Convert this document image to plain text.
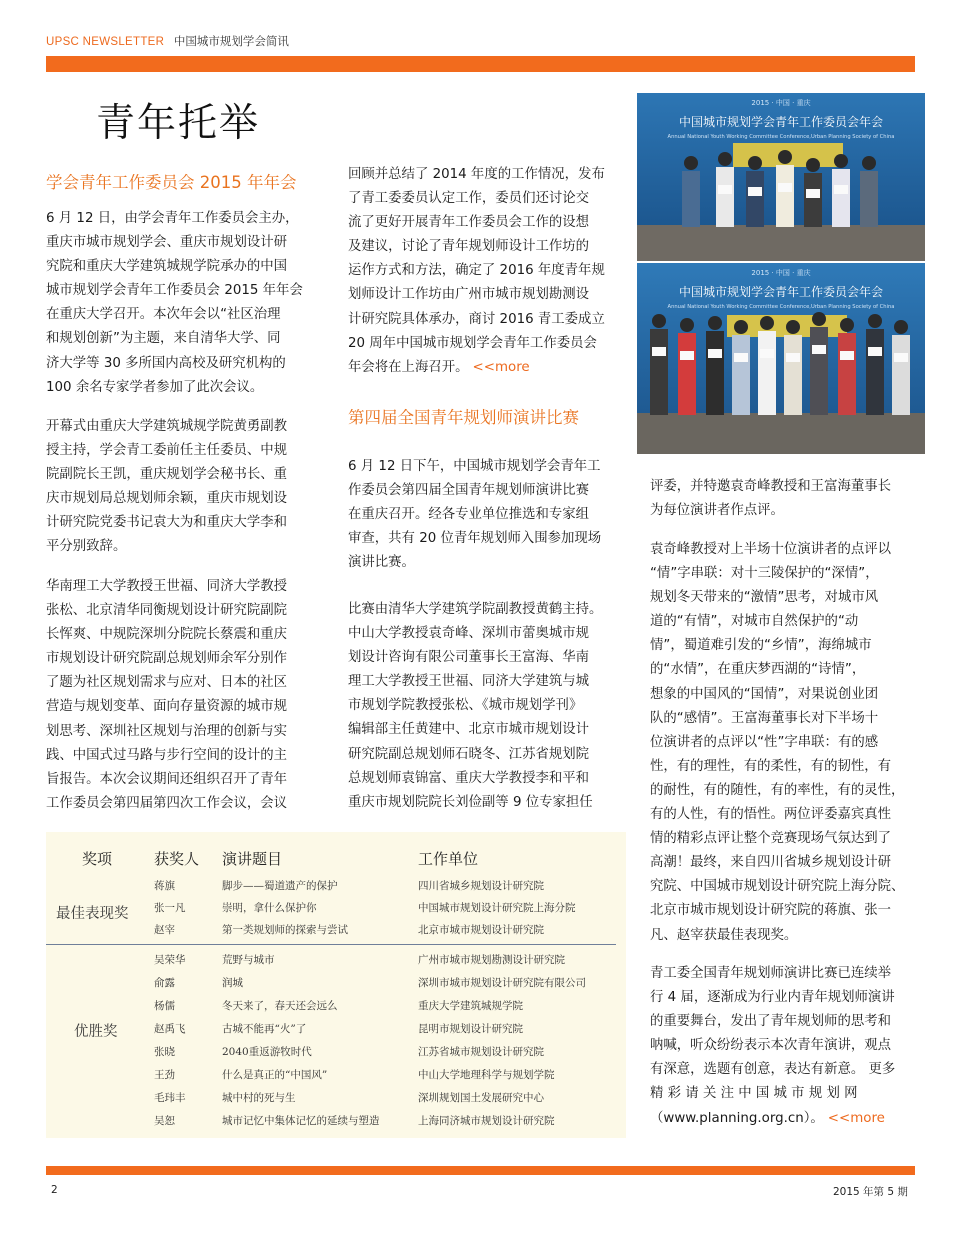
UPSC NEWSLETTER 中国城市规划学会简讯
青年托举
学会青年工作委员会 2015 年年会
6 月 12 日，由学会青年工作委员会主办，
重庆市城市规划学会、重庆市规划设计研
究院和重庆大学建筑城规学院承办的中国
城市规划学会青年工作委员会 2015 年年会
在重庆大学召开。本次年会以“社区治理
和规划创新”为主题，来自清华大学、同
济大学等 30 多所国内高校及研究机构的
100 余名专家学者参加了此次会议。
开幕式由重庆大学建筑城规学院黄勇副教
授主持，学会青工委前任主任委员、中规
院副院长王凯，重庆规划学会秘书长、重
庆市规划局总规划师余颖，重庆市规划设
计研究院党委书记袁大为和重庆大学李和
平分别致辞。
华南理工大学教授王世福、同济大学教授
张松、北京清华同衡规划设计研究院副院
长恽爽、中规院深圳分院院长蔡震和重庆
市规划设计研究院副总规划师余军分别作
了题为社区规划需求与应对、日本的社区
营造与规划变革、面向存量资源的城市规
划思考、深圳社区规划与治理的创新与实
践、中国式过马路与步行空间的设计的主
旨报告。本次会议期间还组织召开了青年
工作委员会第四届第四次工作会议，会议
回顾并总结了 2014 年度的工作情况，发布
了青工委委员认定工作，委员们还讨论交
流了更好开展青年工作委员会工作的设想
及建议，讨论了青年规划师设计工作坊的
运作方式和方法，确定了 2016 年度青年规
划师设计工作坊由广州市城市规划勘测设
计研究院具体承办，商讨 2016 青工委成立
20 周年中国城市规划学会青年工作委员会
年会将在上海召开。 <<more
第四届全国青年规划师演讲比赛
6 月 12 日下午，中国城市规划学会青年工
作委员会第四届全国青年规划师演讲比赛
在重庆召开。经各专业单位推选和专家组
审查，共有 20 位青年规划师入围参加现场
演讲比赛。
比赛由清华大学建筑学院副教授黄鹤主持。
中山大学教授袁奇峰、深圳市蕾奥城市规
划设计咨询有限公司董事长王富海、华南
理工大学教授王世福、同济大学建筑与城
市规划学院教授张松、《城市规划学刊》
编辑部主任黄建中、北京市城市规划设计
研究院副总规划师石晓冬、江苏省规划院
总规划师袁锦富、重庆大学教授李和平和
重庆市规划院院长刘俭副等 9 位专家担任
评委，并特邀袁奇峰教授和王富海董事长
为每位演讲者作点评。
袁奇峰教授对上半场十位演讲者的点评以
“情”字串联：对十三陵保护的“深情”，
规划冬天带来的“激情”思考，对城市风
道的“有情”，对城市自然保护的“动
情”，蜀道难引发的“乡情”，海绵城市
的“水情”，在重庆梦西湖的“诗情”，
想象的中国风的“国情”，对果说创业团
队的“感情”。王富海董事长对下半场十
位演讲者的点评以“性”字串联：有的感
性，有的理性，有的柔性，有的韧性，有
的耐性，有的随性，有的率性，有的灵性，
有的人性，有的悟性。两位评委嘉宾真性
情的精彩点评让整个竞赛现场气氛达到了
高潮！最终，来自四川省城乡规划设计研
究院、中国城市规划设计研究院上海分院、
北京市城市规划设计研究院的蒋旗、张一
凡、赵宰获最佳表现奖。
青工委全国青年规划师演讲比赛已连续举
行 4 届，逐渐成为行业内青年规划师演讲
的重要舞台，发出了青年规划师的思考和
呐喊，听众纷纷表示本次青年演讲，观点
有深意，选题有创意，表达有新意。 更多
精 彩 请 关 注 中 国 城 市 规 划 网
（www.planning.org.cn）。 <<more
2015 · 中国 · 重庆
中国城市规划学会青年工作委员会年会
Annual National Youth Working Committee Conference,Urban Planning Society of China
2015 · 中国 · 重庆
中国城市规划学会青年工作委员会年会
Annual National Youth Working Committee Conference,Urban Planning Society of China
奖项	获奖人 演讲题目	工作单位
最佳表现奖
优胜奖
蒋旗	脚步——蜀道遗产的保护	四川省城乡规划设计研究院
张一凡	崇明，拿什么保护你	中国城市规划设计研究院上海分院
赵宰	第一类规划师的探索与尝试	北京市城市规划设计研究院
吴荣华	荒野与城市	广州市城市规划勘测设计研究院
俞露	润城	深圳市城市规划设计研究院有限公司
杨儒	冬天来了，春天还会远么	重庆大学建筑城规学院
赵禹飞	古城不能再“火”了	昆明市规划设计研究院
张晓	2040重返游牧时代	江苏省城市规划设计研究院
王劲	什么是真正的“中国风”	中山大学地理科学与规划学院
毛玮丰	城中村的死与生	深圳规划国土发展研究中心
吴恕	城市记忆中集体记忆的延续与塑造	上海同济城市规划设计研究院
2	2015 年第 5 期
